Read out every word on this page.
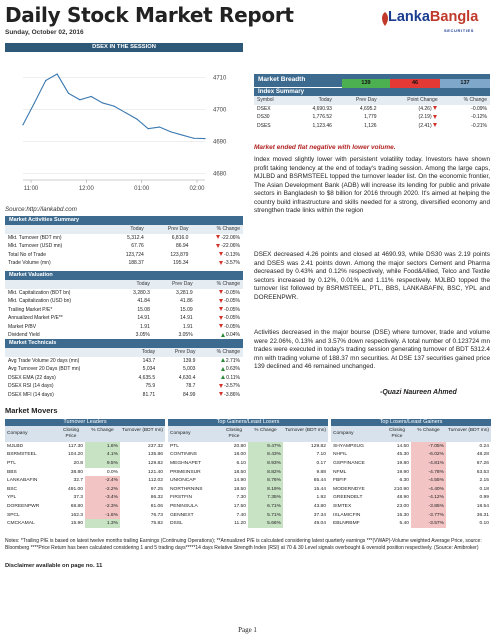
Daily Stock Market Report
Sunday, October 02, 2016
LankaBangla
SECURITIES
DSEX IN THE SESSION
4680
4690
4700
4710
11:00	12:00	01:00	02:00
Source:http://lankabd.com
Market Activities Summary
	Today	Prev Day	% Change
Mkt. Turnover (BDT mn)	5,312.4	6,816.0	-22.06%
Mkt. Turnover (USD mn)	67.76	86.94	-22.06%
Total No of Trade	123,724	123,879	-0.13%
Trade Volume (mn)	188.37	195.34	-3.57%
Market Valuation
	Today	Prev Day	% Change
Mkt. Capitalization (BDT bn)	3,280.3	3,281.9	-0.05%
Mkt. Capitalization (USD bn)	41.84	41.86	-0.05%
Trailing Market P/E*	15.08	15.09	-0.05%
Annualized Market P/E**	14.91	14.91	-0.05%
Market P/BV	1.91	1.91	-0.05%
Dividend Yield	3.05%	3.05%	0.04%
Market Technicals
	Today	Prev Day	% Change
Avg Trade Volume 20 days (mn)	143.7	139.9	2.71%
Avg Turnover 20 Days (BDT mn)	5,034	5,003	0.63%
DSEX EMA (22 days)	4,635.5	4,630.4	0.11%
DSEX RSI (14 days)	75.9	78.7	-3.57%
DSEX MFI (14 days)	81.71	84.99	-3.86%
Market Breadth	139	46	137
Index Summary
Symbol	Today	Prev Day	Point Change	% Change
DSEX	4,690.93	4,695.2	(4.26)	-0.09%
DS30	1,776.52	1,779	(2.19)	-0.12%
DSES	1,123.46	1,126	(2.41)	-0.21%
Market ended flat negative with lower volume.
Index moved slightly lower with persistent volatility today. Investors have shown profit taking tendency at the end of today's trading session. Among the large caps, MJLBD and BSRMSTEEL topped the turnover leader list. On the economic frontier, The Asian Development Bank (ADB) will increase its lending for public and private sectors in Bangladesh to $8 billion for 2016 through 2020. It's aimed at helping the country build infrastructure and skills needed for a strong, diversified economy and strengthen trade links within the region
DSEX decreased 4.26 points and closed at 4690.93, while DS30 was 2.19 points and DSES was 2.41 points down. Among the major sectors Cement and Pharma decreased by 0.43% and 0.12% respectively, while Food&Allied, Telco and Textile sectors increased by 0.12%, 0.01% and 1.11% respectively. MJLBD topped the turnover list followed by BSRMSTEEL, PTL, BBS, LANKABAFIN, BSC, YPL and DOREENPWR.
Activities decreased in the major bourse (DSE) where turnover, trade and volume were 22.06%, 0.13% and 3.57% down respectively. A total number of 0.123724 mn trades were executed in today's trading session generating turnover of BDT 5312.4 mn with trading volume of 188.37 mn securities. At DSE 137 securities gained price 139 declined and 46 remained unchanged.
-Quazi Naureen Ahmed
Market Movers
Turnover Leaders	Top Gainers/Least Losers	Top Losers/Least Gainers
Company
Closing Price
% Change	Turnover (BDT mn)
Company
Closing Price
% Change	Turnover (BDT mn)
Company
Closing Price
% Change	Turnover (BDT mn)
MJLBD	117.30	1.6%	237.32
BSRMSTEEL	104.20	4.1%	135.86
PTL	20.8	9.5%	129.82
BBS	38.80	0.0%	121.40
LANKABAFIN	32.7	-2.4%	112.02
BSC	491.00	-2.2%	97.25
YPL	37.3	-3.4%	86.32
DOREENPWR	68.80	-2.3%	81.06
SPCL	162.3	-1.6%	76.73
CMCKAMAL	15.90	1.3%	75.82
PTL	20.80	9.47%	129.82
CONTININS	18.00	8.43%	7.10
MEGHNAPET	6.10	8.93%	0.17
PRIMEINSUR	18.50	8.82%	9.88
UNIONCAP	14.90	8.76%	65.44
NORTHRNINS	18.50	8.19%	15.44
FIRSTFIN	7.30	7.35%	1.92
PENINSULA	17.50	6.71%	43.80
GENNEXT	7.40	5.71%	37.34
DSSL	11.20	5.66%	49.04
SHYAMPSUG	14.50	-7.05%	0.24
NHFIL	45.30	-6.02%	48.28
GSPFINANCE	19.80	-4.81%	67.26
NFML	19.90	-4.78%	63.53
FBFIF	6.30	-4.55%	2.15
MODERNDYE	210.90	-4.40%	0.18
GREENDELT	48.90	-4.12%	0.99
SIMTEX	23.00	-3.85%	18.54
ISLAMICFIN	15.30	-3.77%	36.31
EBLNRBMF	5.40	-3.57%	0.10
Notes: *Trailing P/E is based on latest twelve months trailing Earnings (Continuing Operations); **Annualized P/E is calculated considering latest quarterly earnings ***(VWAP)-Volume weighted Average Price, source: Bloomberg ****Price Return has been calculated considering 1 and 5 trading days*****14 days Relative Strength Index (RSI) at 70 & 30 Level signals overbought & oversold position respectively. (Source: Amibroker)
Disclaimer available on page no. 11
Page 1
